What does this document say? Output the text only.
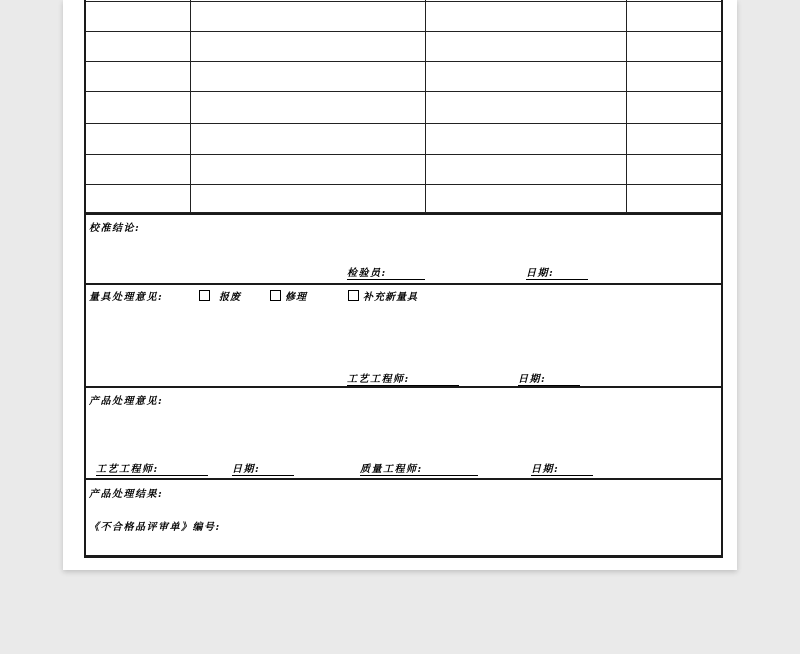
校准结论:
检验员:	日期:
量具处理意见:	报废	修理	补充新量具
工艺工程师:	日期:
产品处理意见:
工艺工程师:	日期:	质量工程师:	日期:
产品处理结果:
《不合格品评审单》编号:
